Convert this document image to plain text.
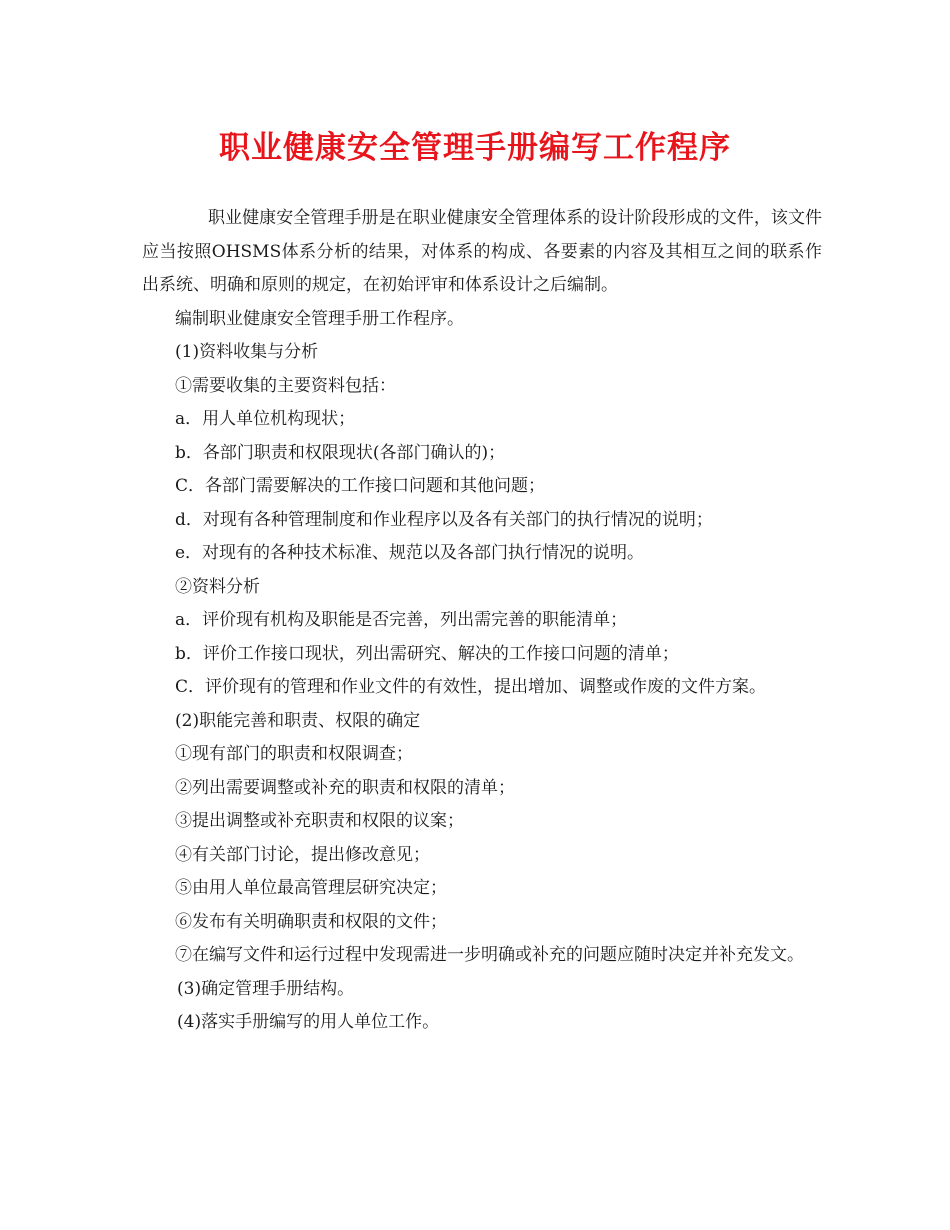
职业健康安全管理手册编写工作程序

职业健康安全管理手册是在职业健康安全管理体系的设计阶段形成的文件，该文件应当按照OHSMS体系分析的结果，对体系的构成、各要素的内容及其相互之间的联系作出系统、明确和原则的规定，在初始评审和体系设计之后编制。

编制职业健康安全管理手册工作程序。

(1)资料收集与分析

①需要收集的主要资料包括：

a．用人单位机构现状；

b．各部门职责和权限现状(各部门确认的)；

C．各部门需要解决的工作接口问题和其他问题；

d．对现有各种管理制度和作业程序以及各有关部门的执行情况的说明；

e．对现有的各种技术标准、规范以及各部门执行情况的说明。

②资料分析

a．评价现有机构及职能是否完善，列出需完善的职能清单；

b．评价工作接口现状，列出需研究、解决的工作接口问题的清单；

C．评价现有的管理和作业文件的有效性，提出增加、调整或作废的文件方案。

(2)职能完善和职责、权限的确定

①现有部门的职责和权限调查；

②列出需要调整或补充的职责和权限的清单；

③提出调整或补充职责和权限的议案；

④有关部门讨论，提出修改意见；

⑤由用人单位最高管理层研究决定；

⑥发布有关明确职责和权限的文件；

⑦在编写文件和运行过程中发现需进一步明确或补充的问题应随时决定并补充发文。

(3)确定管理手册结构。

(4)落实手册编写的用人单位工作。
